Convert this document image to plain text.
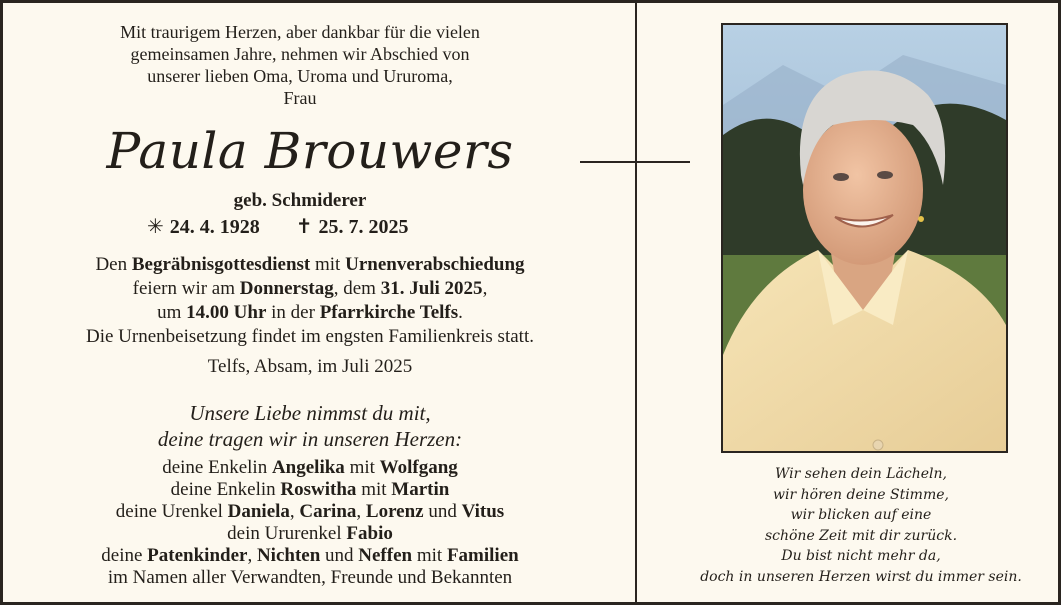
Mit traurigem Herzen, aber dankbar für die vielen
gemeinsamen Jahre, nehmen wir Abschied von
unserer lieben Oma, Uroma und Ururoma,
Frau
Paula Brouwers
geb. Schmiderer
✳ 24. 4. 1928 ✝ 25. 7. 2025
Den Begräbnisgottesdienst mit Urnenverabschiedung
feiern wir am Donnerstag, dem 31. Juli 2025,
um 14.00 Uhr in der Pfarrkirche Telfs.
Die Urnenbeisetzung findet im engsten Familienkreis statt.
Telfs, Absam, im Juli 2025
Unsere Liebe nimmst du mit,
deine tragen wir in unseren Herzen:
deine Enkelin Angelika mit Wolfgang
deine Enkelin Roswitha mit Martin
deine Urenkel Daniela, Carina, Lorenz und Vitus
dein Ururenkel Fabio
deine Patenkinder, Nichten und Neffen mit Familien
im Namen aller Verwandten, Freunde und Bekannten
Wir sehen dein Lächeln,
wir hören deine Stimme,
wir blicken auf eine
schöne Zeit mit dir zurück.
Du bist nicht mehr da,
doch in unseren Herzen wirst du immer sein.
